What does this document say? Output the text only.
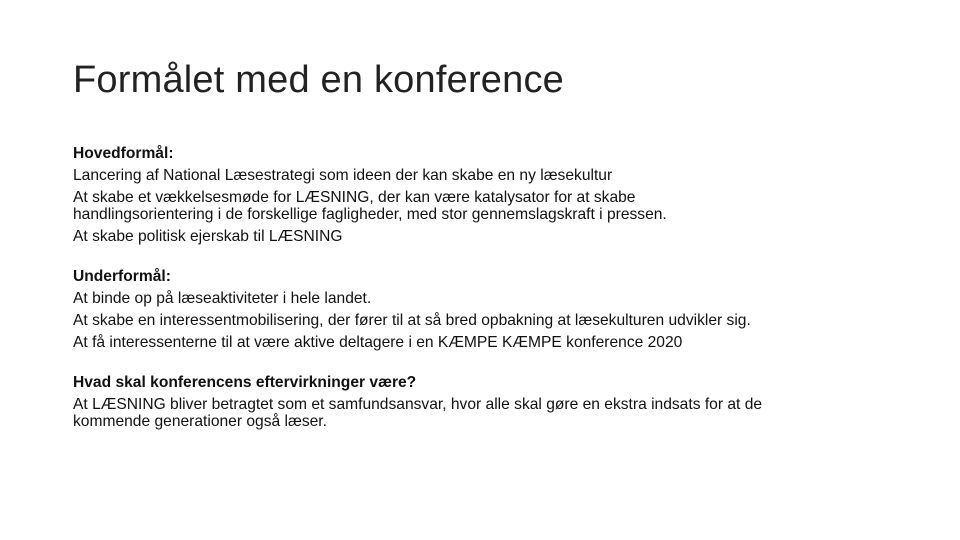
Formålet med en konference
Hovedformål:
Lancering af National Læsestrategi som ideen der kan skabe en ny læsekultur
At skabe et vækkelsesmøde for LÆSNING, der kan være katalysator for at skabe
handlingsorientering i de forskellige fagligheder, med stor gennemslagskraft i pressen.
At skabe politisk ejerskab til LÆSNING
Underformål:
At binde op på læseaktiviteter i hele landet.
At skabe en interessentmobilisering, der fører til at så bred opbakning at læsekulturen udvikler sig.
At få interessenterne til at være aktive deltagere i en KÆMPE KÆMPE konference 2020
Hvad skal konferencens eftervirkninger være?
At LÆSNING bliver betragtet som et samfundsansvar, hvor alle skal gøre en ekstra indsats for at de
kommende generationer også læser.
